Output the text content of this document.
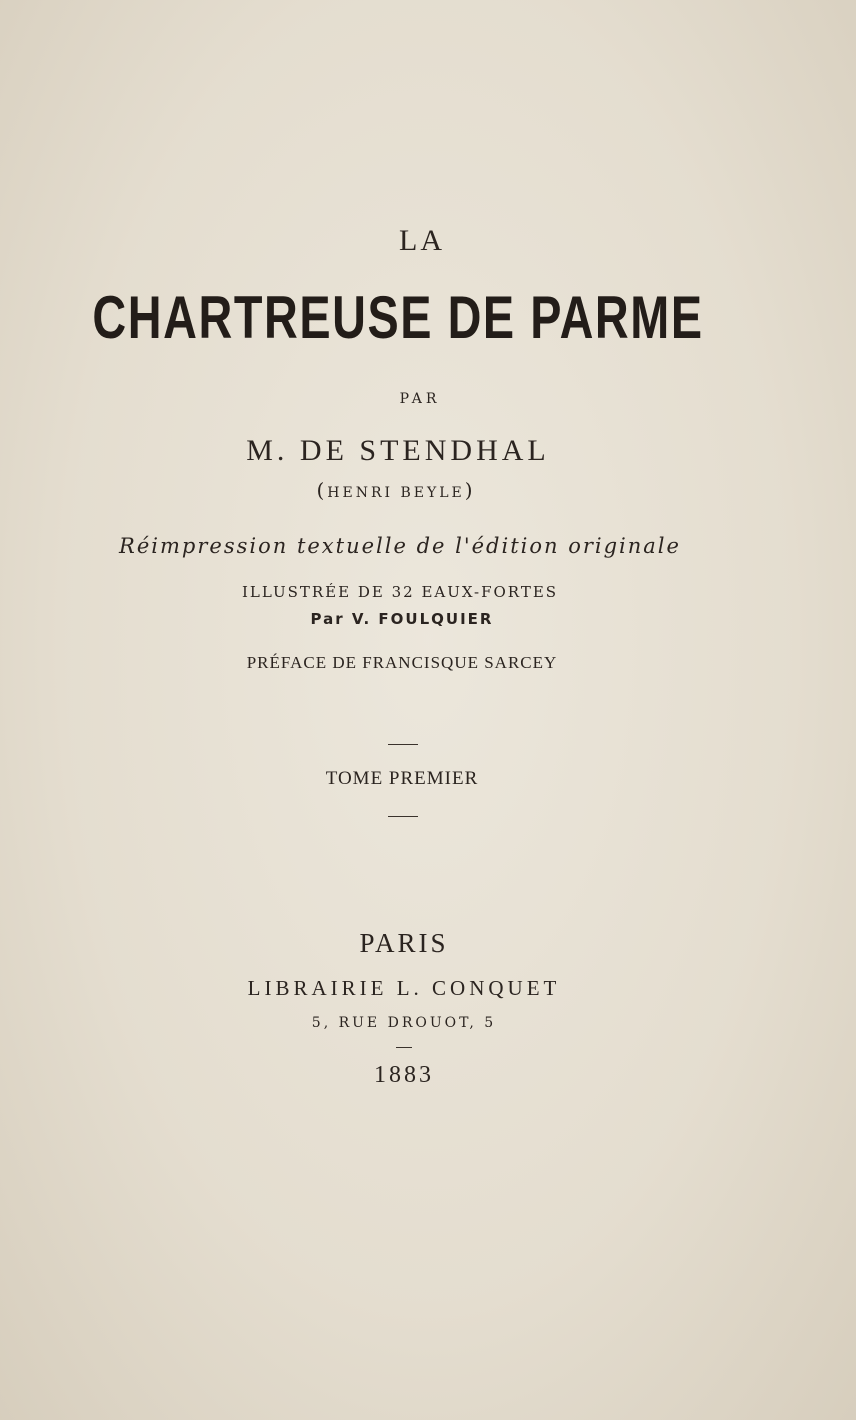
LA
CHARTREUSE DE PARME
PAR
M. DE STENDHAL
(HENRI BEYLE)
Réimpression textuelle de l'édition originale
ILLUSTRÉE DE 32 EAUX-FORTES
Par V. FOULQUIER
PRÉFACE DE FRANCISQUE SARCEY
TOME PREMIER
PARIS
LIBRAIRIE L. CONQUET
5, RUE DROUOT, 5
1883
